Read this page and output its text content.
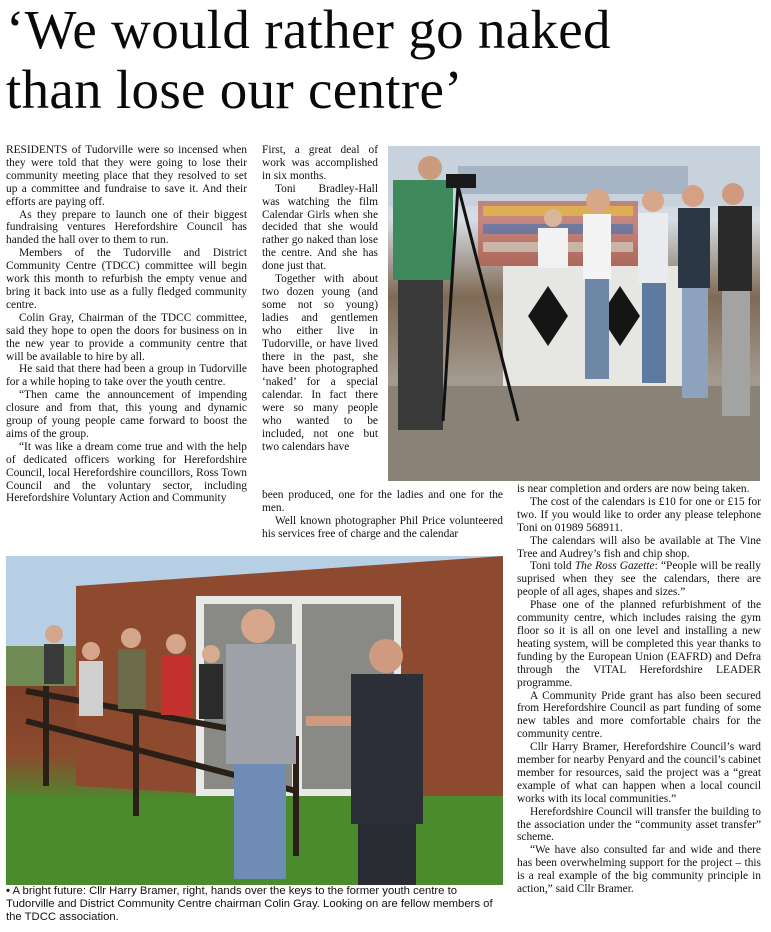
‘We would rather go naked
than lose our centre’

RESIDENTS of Tudorville were so incensed when they were told that they were going to lose their community meeting place that they resolved to set up a committee and fundraise to save it. And their efforts are paying off.

As they prepare to launch one of their biggest fundraising ventures Herefordshire Council has handed the hall over to them to run.

Members of the Tudorville and District Community Centre (TDCC) committee will begin work this month to refurbish the empty venue and bring it back into use as a fully fledged community centre.

Colin Gray, Chairman of the TDCC committee, said they hope to open the doors for business on in the new year to provide a community centre that will be available to hire by all.

He said that there had been a group in Tudorville for a while hoping to take over the youth centre.

“Then came the announcement of impending closure and from that, this young and dynamic group of young people came forward to boost the aims of the group.

“It was like a dream come true and with the help of dedicated officers working for Herefordshire Council, local Herefordshire councillors, Ross Town Council and the voluntary sector, including Herefordshire Voluntary Action and Community

First, a great deal of work was accomplished in six months.

Toni Bradley-Hall was watching the film Calendar Girls when she decided that she would rather go naked than lose the centre. And she has done just that.

Together with about two dozen young (and some not so young) ladies and gentlemen who either live in Tudorville, or have lived there in the past, she have been photographed ‘naked’ for a special calendar. In fact there were so many people who wanted to be included, not one but two calendars have

been produced, one for the ladies and one for the men.

Well known photographer Phil Price volunteered his services free of charge and the calendar

is near completion and orders are now being taken.

The cost of the calendars is £10 for one or £15 for two. If you would like to order any please telephone Toni on 01989 568911.

The calendars will also be available at The Vine Tree and Audrey’s fish and chip shop.

Toni told The Ross Gazette: “People will be really suprised when they see the calendars, there are people of all ages, shapes and sizes.”

Phase one of the planned refurbishment of the community centre, which includes raising the gym floor so it is all on one level and installing a new heating system, will be completed this year thanks to funding by the European Union (EAFRD) and Defra through the VITAL Herefordshire LEADER programme.

A Community Pride grant has also been secured from Herefordshire Council as part funding of some new tables and more comfortable chairs for the community centre.

Cllr Harry Bramer, Herefordshire Council’s ward member for nearby Penyard and the council’s cabinet member for resources, said the project was a “great example of what can happen when a local council works with its local communities.”

Herefordshire Council will transfer the building to the association under the “community asset transfer” scheme.

“We have also consulted far and wide and there has been overwhelming support for the project – this is a real example of the big community principle in action,” said Cllr Bramer.

• A bright future: Cllr Harry Bramer, right, hands over the keys to the former youth centre to Tudorville and District Community Centre chairman Colin Gray. Looking on are fellow members of the TDCC association.
